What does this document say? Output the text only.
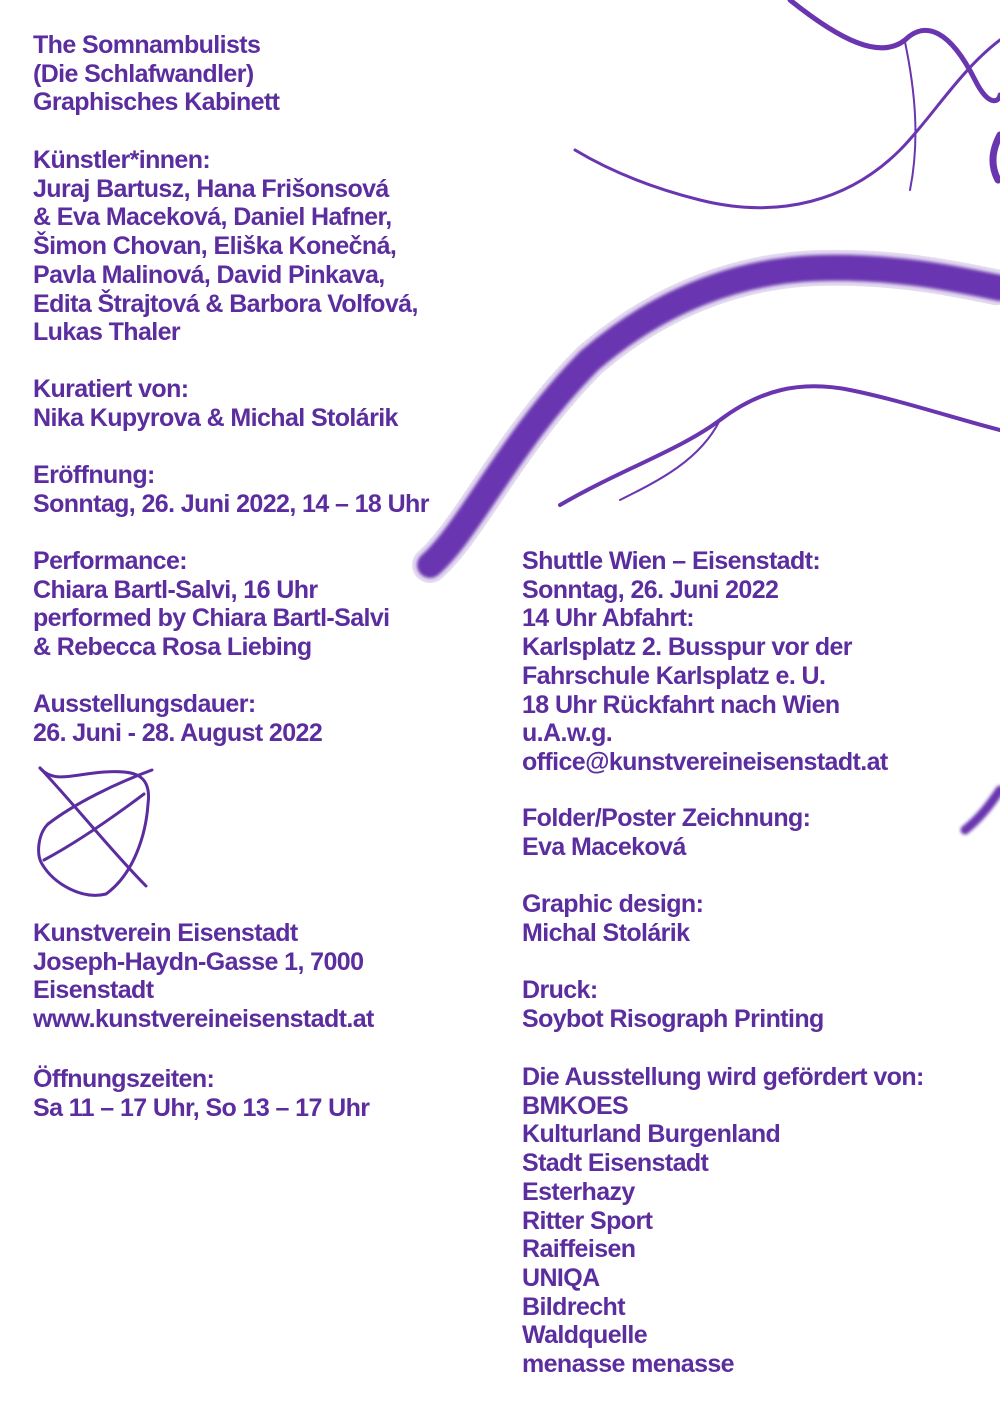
The Somnambulists
(Die Schlafwandler)
Graphisches Kabinett
Künstler*innen:
Juraj Bartusz, Hana Frišonsová
& Eva Maceková, Daniel Hafner,
Šimon Chovan, Eliška Konečná,
Pavla Malinová, David Pinkava,
Edita Štrajtová & Barbora Volfová,
Lukas Thaler
Kuratiert von:
Nika Kupyrova & Michal Stolárik
Eröffnung:
Sonntag, 26. Juni 2022, 14 – 18 Uhr
Performance:
Chiara Bartl-Salvi, 16 Uhr
performed by Chiara Bartl-Salvi
& Rebecca Rosa Liebing
Ausstellungsdauer:
26. Juni - 28. August 2022
Kunstverein Eisenstadt
Joseph-Haydn-Gasse 1, 7000
Eisenstadt
www.kunstvereineisenstadt.at
Öffnungszeiten:
Sa 11 – 17 Uhr, So 13 – 17 Uhr
Shuttle Wien – Eisenstadt:
Sonntag, 26. Juni 2022
14 Uhr Abfahrt:
Karlsplatz 2. Busspur vor der
Fahrschule Karlsplatz e. U.
18 Uhr Rückfahrt nach Wien
u.A.w.g.
office@kunstvereineisenstadt.at
Folder/Poster Zeichnung:
Eva Maceková
Graphic design:
Michal Stolárik
Druck:
Soybot Risograph Printing
Die Ausstellung wird gefördert von:
BMKOES
Kulturland Burgenland
Stadt Eisenstadt
Esterhazy
Ritter Sport
Raiffeisen
UNIQA
Bildrecht
Waldquelle
menasse menasse
